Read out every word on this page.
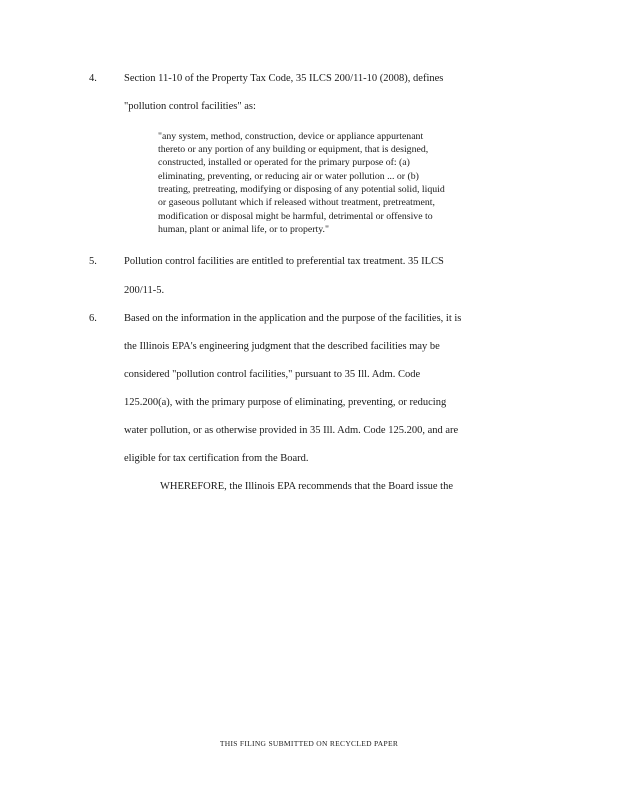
4.	Section 11-10 of the Property Tax Code, 35 ILCS 200/11-10 (2008), defines
"pollution control facilities" as:
"any system, method, construction, device or appliance appurtenant
thereto or any portion of any building or equipment, that is designed,
constructed, installed or operated for the primary purpose of: (a)
eliminating, preventing, or reducing air or water pollution ... or (b)
treating, pretreating, modifying or disposing of any potential solid, liquid
or gaseous pollutant which if released without treatment, pretreatment,
modification or disposal might be harmful, detrimental or offensive to
human, plant or animal life, or to property."
5.	Pollution control facilities are entitled to preferential tax treatment. 35 ILCS
200/11-5.
6.	Based on the information in the application and the purpose of the facilities, it is
the Illinois EPA's engineering judgment that the described facilities may be
considered "pollution control facilities," pursuant to 35 Ill. Adm. Code
125.200(a), with the primary purpose of eliminating, preventing, or reducing
water pollution, or as otherwise provided in 35 Ill. Adm. Code 125.200, and are
eligible for tax certification from the Board.
WHEREFORE, the Illinois EPA recommends that the Board issue the
THIS FILING SUBMITTED ON RECYCLED PAPER
